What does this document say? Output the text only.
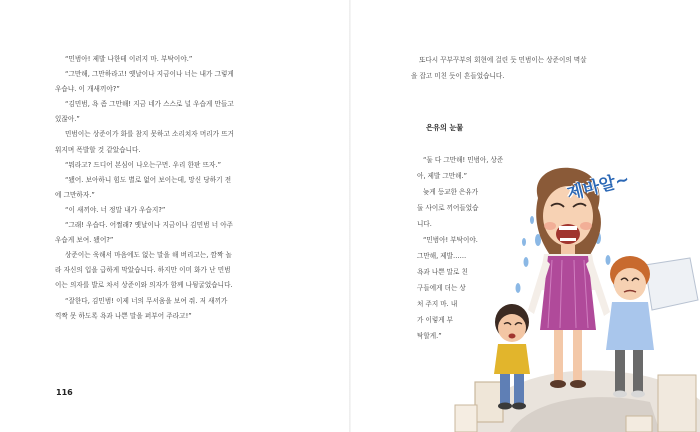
“민범아! 제발 나한테 이러지 마. 부탁이야.”
“그만해, 그만하라고! 옛날이나 지금이나 너는 내가 그렇게
우습냐. 이 개새끼야?”
“김민범, 욕 좀 그만해! 지금 네가 스스로 널 우습게 만들고
있잖아.”
민범이는 상준이가 화를 참지 못하고 소리치자 머리가 뜨거
워지며 폭발할 것 같았습니다.
“뭐라고? 드디어 본심이 나오는구먼. 우리 한판 뜨자.”
“됐어. 보아하니 힘도 별로 없어 보이는데, 망신 당하기 전
에 그만하자.”
“이 새끼야. 너 정말 내가 우습지?”
“그래! 우습다. 어쩔래? 옛날이나 지금이나 김민범 너 아주
우습게 보여. 됐어?”
상준이는 욱해서 마음에도 없는 말을 해 버리고는, 깜짝 놀
라 자신의 입을 급하게 막았습니다. 하지만 이미 화가 난 민범
이는 의자를 발로 차서 상준이와 의자가 함께 나뒹굴었습니다.
“잘한다, 김민범! 이제 너의 무서움을 보여 줘. 저 새끼가
끽짝 못 하도록 욕과 나쁜 말을 퍼부어 주라고!”
116
또다시 꾸부꾸부의 회현에 걸린 듯 민범이는 상준이의 멱살
을 잡고 미친 듯이 흔들었습니다.
은유의 눈물
“둘 다 그만해! 민범아, 상준
아, 제발 그만해.”
늦게 등교한 은유가
둘 사이로 끼어들었습
니다.
“민범아! 부탁이야.
그만해, 제발……
욕과 나쁜 말로 친
구들에게 더는 상
처 주지 마. 내
가 이렇게 부
탁할게.”
제바알~
